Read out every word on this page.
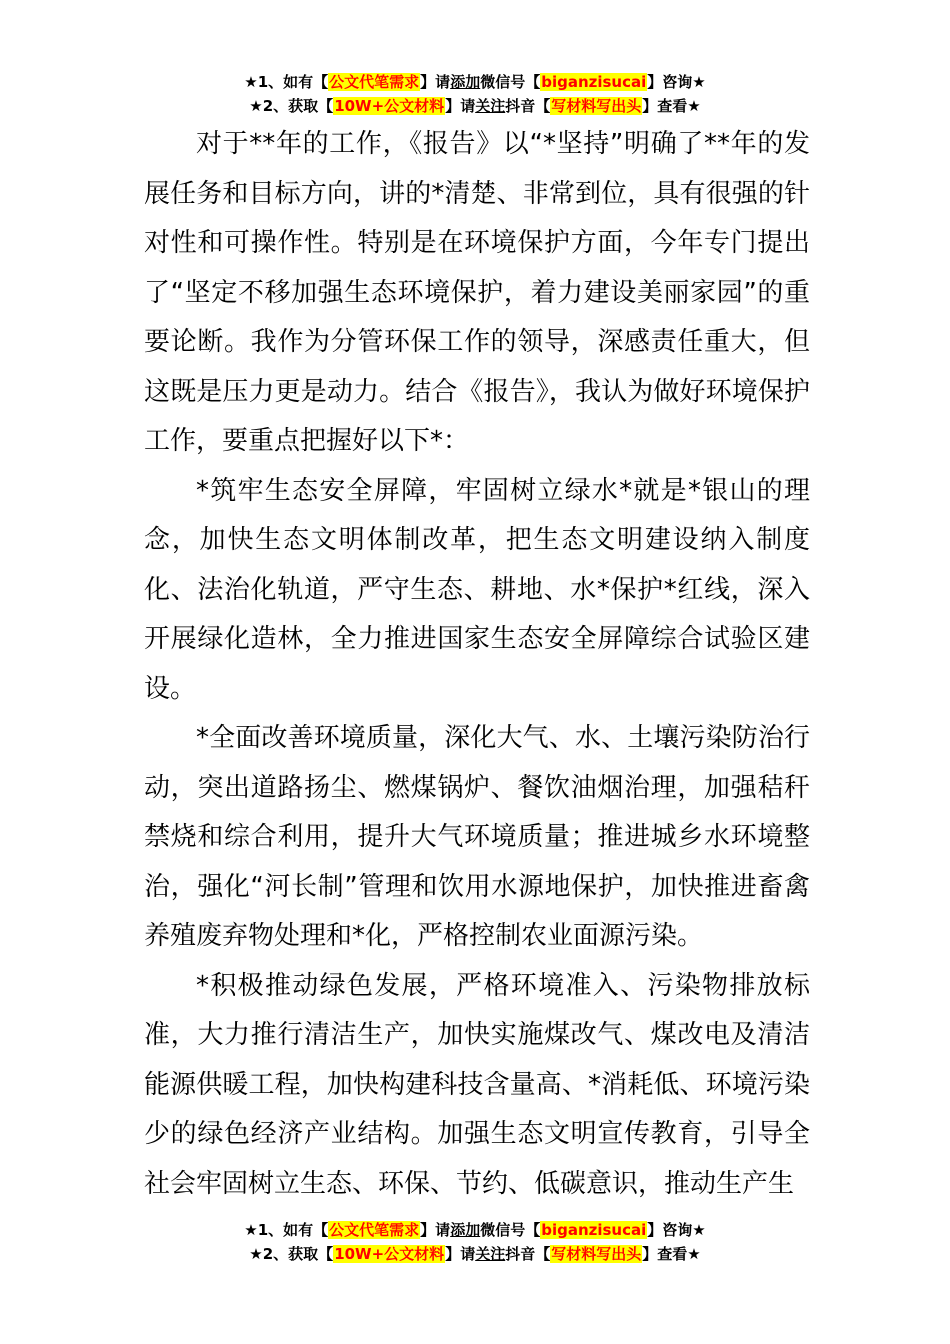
★1、如有【公文代笔需求】请添加微信号【biganzisucai】咨询★
★2、获取【10W+公文材料】请关注抖音【写材料写出头】查看★

对于**年的工作，《报告》以“*坚持”明确了**年的发展任务和目标方向，讲的*清楚、非常到位，具有很强的针对性和可操作性。特别是在环境保护方面，今年专门提出了“坚定不移加强生态环境保护，着力建设美丽家园”的重要论断。我作为分管环保工作的领导，深感责任重大，但这既是压力更是动力。结合《报告》，我认为做好环境保护工作，要重点把握好以下*：

*筑牢生态安全屏障，牢固树立绿水*就是*银山的理念，加快生态文明体制改革，把生态文明建设纳入制度化、法治化轨道，严守生态、耕地、水*保护*红线，深入开展绿化造林，全力推进国家生态安全屏障综合试验区建设。

*全面改善环境质量，深化大气、水、土壤污染防治行动，突出道路扬尘、燃煤锅炉、餐饮油烟治理，加强秸秆禁烧和综合利用，提升大气环境质量；推进城乡水环境整治，强化“河长制”管理和饮用水源地保护，加快推进畜禽养殖废弃物处理和*化，严格控制农业面源污染。

*积极推动绿色发展，严格环境准入、污染物排放标准，大力推行清洁生产，加快实施煤改气、煤改电及清洁能源供暖工程，加快构建科技含量高、*消耗低、环境污染少的绿色经济产业结构。加强生态文明宣传教育，引导全社会牢固树立生态、环保、节约、低碳意识，推动生产生

★1、如有【公文代笔需求】请添加微信号【biganzisucai】咨询★
★2、获取【10W+公文材料】请关注抖音【写材料写出头】查看★
